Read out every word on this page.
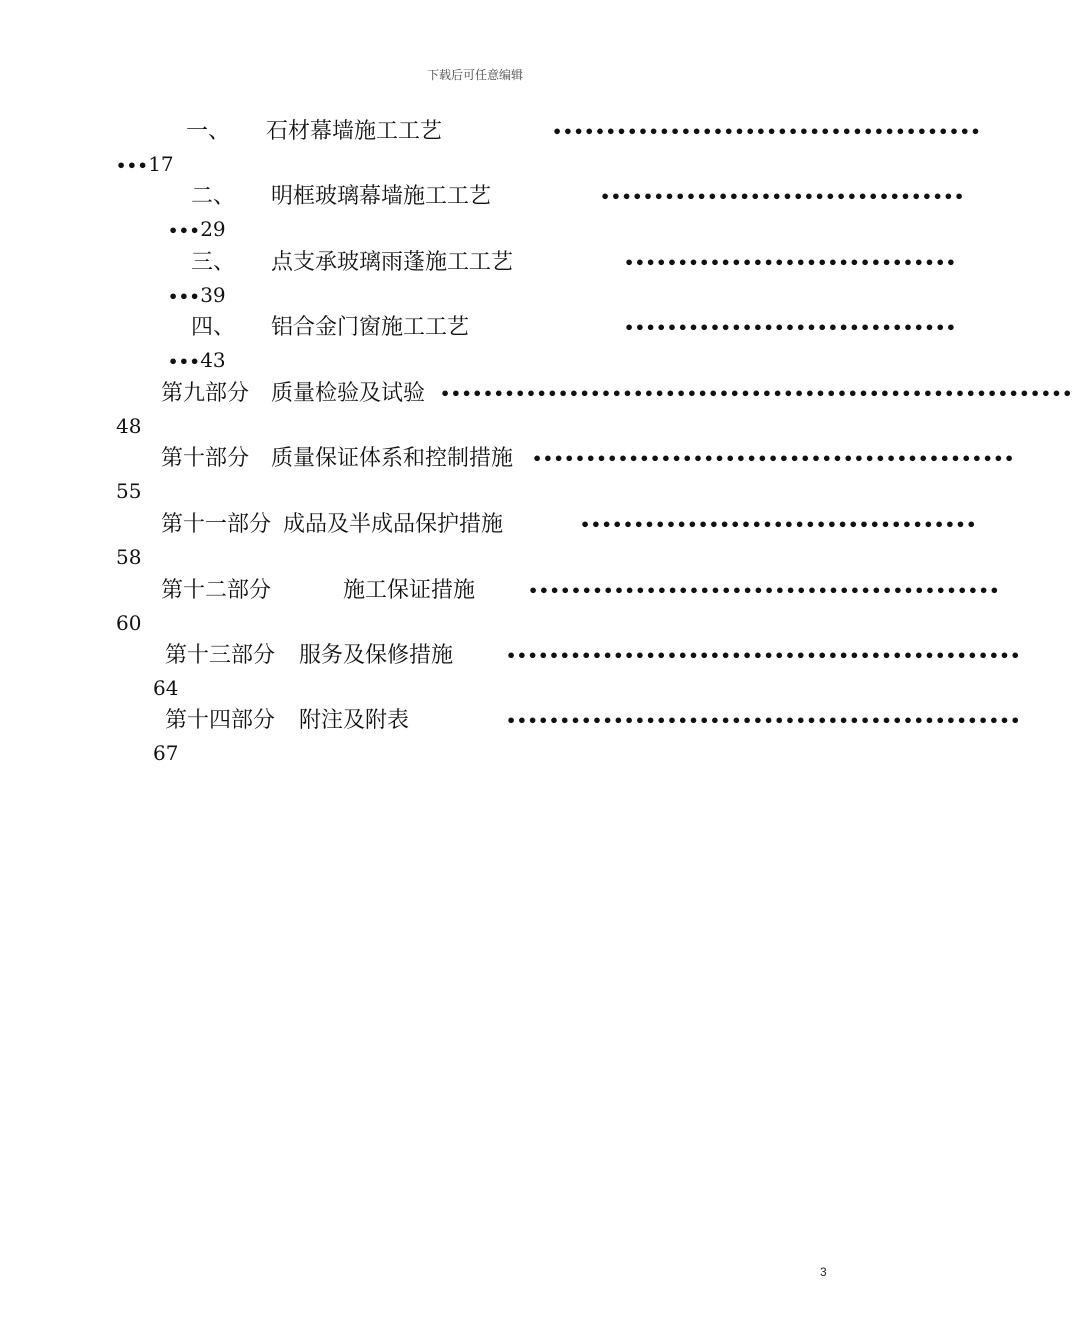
下载后可任意编辑
一、 石材幕墙施工工艺	••••••••••••••••••••••••••••••••••••••••
•••17
二、 明框玻璃幕墙施工工艺	••••••••••••••••••••••••••••••••••
•••29
三、 点支承玻璃雨蓬施工工艺	•••••••••••••••••••••••••••••••
•••39
四、 铝合金门窗施工工艺	•••••••••••••••••••••••••••••••
•••43
第九部分 质量检验及试验 •••••••••••••••••••••••••••••••••••••••••••••••••••••••••••
48
第十部分 质量保证体系和控制措施 •••••••••••••••••••••••••••••••••••••••••••••
55
第十一部分 成品及半成品保护措施	•••••••••••••••••••••••••••••••••••••
58
第十二部分	施工保证措施	••••••••••••••••••••••••••••••••••••••••••••
60
第十三部分 服务及保修措施	••••••••••••••••••••••••••••••••••••••••••••••••
64
第十四部分 附注及附表	••••••••••••••••••••••••••••••••••••••••••••••••
67
3
